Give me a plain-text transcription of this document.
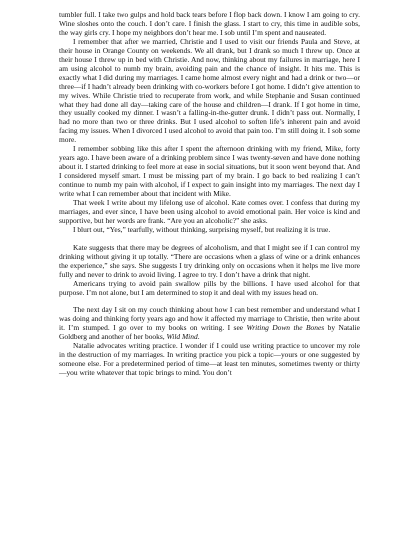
tumbler full. I take two gulps and hold back tears before I flop back down. I know I am going to cry. Wine sloshes onto the couch. I don’t care. I finish the glass. I start to cry, this time in audible sobs, the way girls cry. I hope my neighbors don’t hear me. I sob until I’m spent and nauseated.

I remember that after we married, Christie and I used to visit our friends Paula and Steve, at their house in Orange County on weekends. We all drank, but I drank so much I threw up. Once at their house I threw up in bed with Christie. And now, thinking about my failures in marriage, here I am using alcohol to numb my brain, avoiding pain and the chance of insight. It hits me. This is exactly what I did during my marriages. I came home almost every night and had a drink or two—or three—if I hadn’t already been drinking with co-workers before I got home. I didn’t give attention to my wives. While Christie tried to recuperate from work, and while Stephanie and Susan continued what they had done all day—taking care of the house and children—I drank. If I got home in time, they usually cooked my dinner. I wasn’t a falling-in-the-gutter drunk. I didn’t pass out. Normally, I had no more than two or three drinks. But I used alcohol to soften life’s inherent pain and avoid facing my issues. When I divorced I used alcohol to avoid that pain too. I’m still doing it. I sob some more.

I remember sobbing like this after I spent the afternoon drinking with my friend, Mike, forty years ago. I have been aware of a drinking problem since I was twenty-seven and have done nothing about it. I started drinking to feel more at ease in social situations, but it soon went beyond that. And I considered myself smart. I must be missing part of my brain. I go back to bed realizing I can’t continue to numb my pain with alcohol, if I expect to gain insight into my marriages. The next day I write what I can remember about that incident with Mike.

That week I write about my lifelong use of alcohol. Kate comes over. I confess that during my marriages, and ever since, I have been using alcohol to avoid emotional pain. Her voice is kind and supportive, but her words are frank. “Are you an alcoholic?” she asks.

I blurt out, “Yes,” tearfully, without thinking, surprising myself, but realizing it is true.

Kate suggests that there may be degrees of alcoholism, and that I might see if I can control my drinking without giving it up totally. “There are occasions when a glass of wine or a drink enhances the experience,” she says. She suggests I try drinking only on occasions when it helps me live more fully and never to drink to avoid living. I agree to try. I don’t have a drink that night.

Americans trying to avoid pain swallow pills by the billions. I have used alcohol for that purpose. I’m not alone, but I am determined to stop it and deal with my issues head on.

The next day I sit on my couch thinking about how I can best remember and understand what I was doing and thinking forty years ago and how it affected my marriage to Christie, then write about it. I’m stumped. I go over to my books on writing. I see Writing Down the Bones by Natalie Goldberg and another of her books, Wild Mind.

Natalie advocates writing practice. I wonder if I could use writing practice to uncover my role in the destruction of my marriages. In writing practice you pick a topic—yours or one suggested by someone else. For a predetermined period of time—at least ten minutes, sometimes twenty or thirty—you write whatever that topic brings to mind. You don’t
